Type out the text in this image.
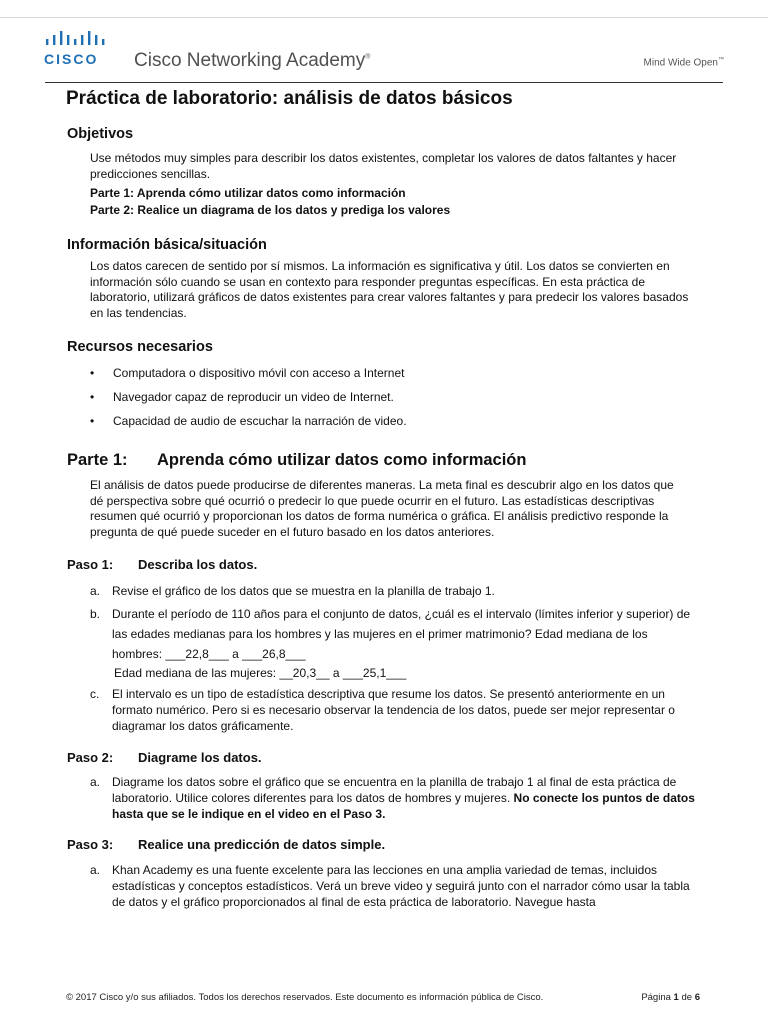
CISCO Cisco Networking Academy®
Mind Wide Open™
Práctica de laboratorio: análisis de datos básicos
Objetivos
Use métodos muy simples para describir los datos existentes, completar los valores de datos faltantes y hacer predicciones sencillas.
Parte 1: Aprenda cómo utilizar datos como información
Parte 2: Realice un diagrama de los datos y prediga los valores
Información básica/situación
Los datos carecen de sentido por sí mismos. La información es significativa y útil. Los datos se convierten en información sólo cuando se usan en contexto para responder preguntas específicas. En esta práctica de laboratorio, utilizará gráficos de datos existentes para crear valores faltantes y para predecir los valores basados en las tendencias.
Recursos necesarios
• Computadora o dispositivo móvil con acceso a Internet
• Navegador capaz de reproducir un video de Internet.
• Capacidad de audio de escuchar la narración de video.
Parte 1: Aprenda cómo utilizar datos como información
El análisis de datos puede producirse de diferentes maneras. La meta final es descubrir algo en los datos que dé perspectiva sobre qué ocurrió o predecir lo que puede ocurrir en el futuro. Las estadísticas descriptivas resumen qué ocurrió y proporcionan los datos de forma numérica o gráfica. El análisis predictivo responde la pregunta de qué puede suceder en el futuro basado en los datos anteriores.
Paso 1: Describa los datos.
a. Revise el gráfico de los datos que se muestra en la planilla de trabajo 1.
b. Durante el período de 110 años para el conjunto de datos, ¿cuál es el intervalo (límites inferior y superior) de las edades medianas para los hombres y las mujeres en el primer matrimonio? Edad mediana de los hombres: ___22,8___ a ___26,8___
Edad mediana de las mujeres: __20,3__ a ___25,1___
c. El intervalo es un tipo de estadística descriptiva que resume los datos. Se presentó anteriormente en un formato numérico. Pero si es necesario observar la tendencia de los datos, puede ser mejor representar o diagramar los datos gráficamente.
Paso 2: Diagrame los datos.
a. Diagrame los datos sobre el gráfico que se encuentra en la planilla de trabajo 1 al final de esta práctica de laboratorio. Utilice colores diferentes para los datos de hombres y mujeres. No conecte los puntos de datos hasta que se le indique en el video en el Paso 3.
Paso 3: Realice una predicción de datos simple.
a. Khan Academy es una fuente excelente para las lecciones en una amplia variedad de temas, incluidos estadísticas y conceptos estadísticos. Verá un breve video y seguirá junto con el narrador cómo usar la tabla de datos y el gráfico proporcionados al final de esta práctica de laboratorio. Navegue hasta
© 2017 Cisco y/o sus afiliados. Todos los derechos reservados. Este documento es información pública de Cisco.	Página 1 de 6
